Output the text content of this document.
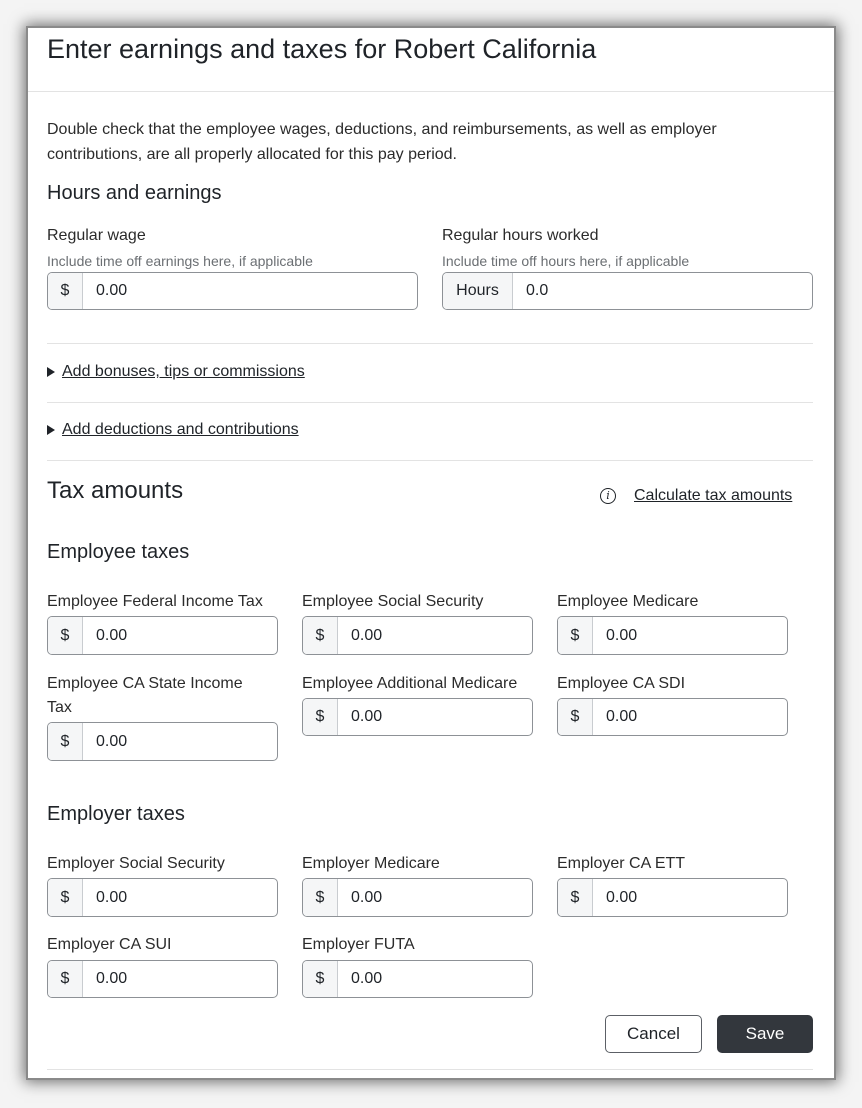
Enter earnings and taxes for Robert California
Double check that the employee wages, deductions, and reimbursements, as well as employer contributions, are all properly allocated for this pay period.
Hours and earnings
Regular wage
Include time off earnings here, if applicable
$
0.00
Regular hours worked
Include time off hours here, if applicable
Hours
0.0
Add bonuses, tips or commissions
Add deductions and contributions
Tax amounts	i	Calculate tax amounts
Employee taxes
Employee Federal Income Tax
$
0.00
Employee Social Security
$
0.00
Employee Medicare
$
0.00
Employee CA State Income
Tax
$
0.00
Employee Additional Medicare
$
0.00
Employee CA SDI
$
0.00
Employer taxes
Employer Social Security
$
0.00
Employer Medicare
$
0.00
Employer CA ETT
$
0.00
Employer CA SUI
$
0.00
Employer FUTA
$
0.00
Cancel	Save
